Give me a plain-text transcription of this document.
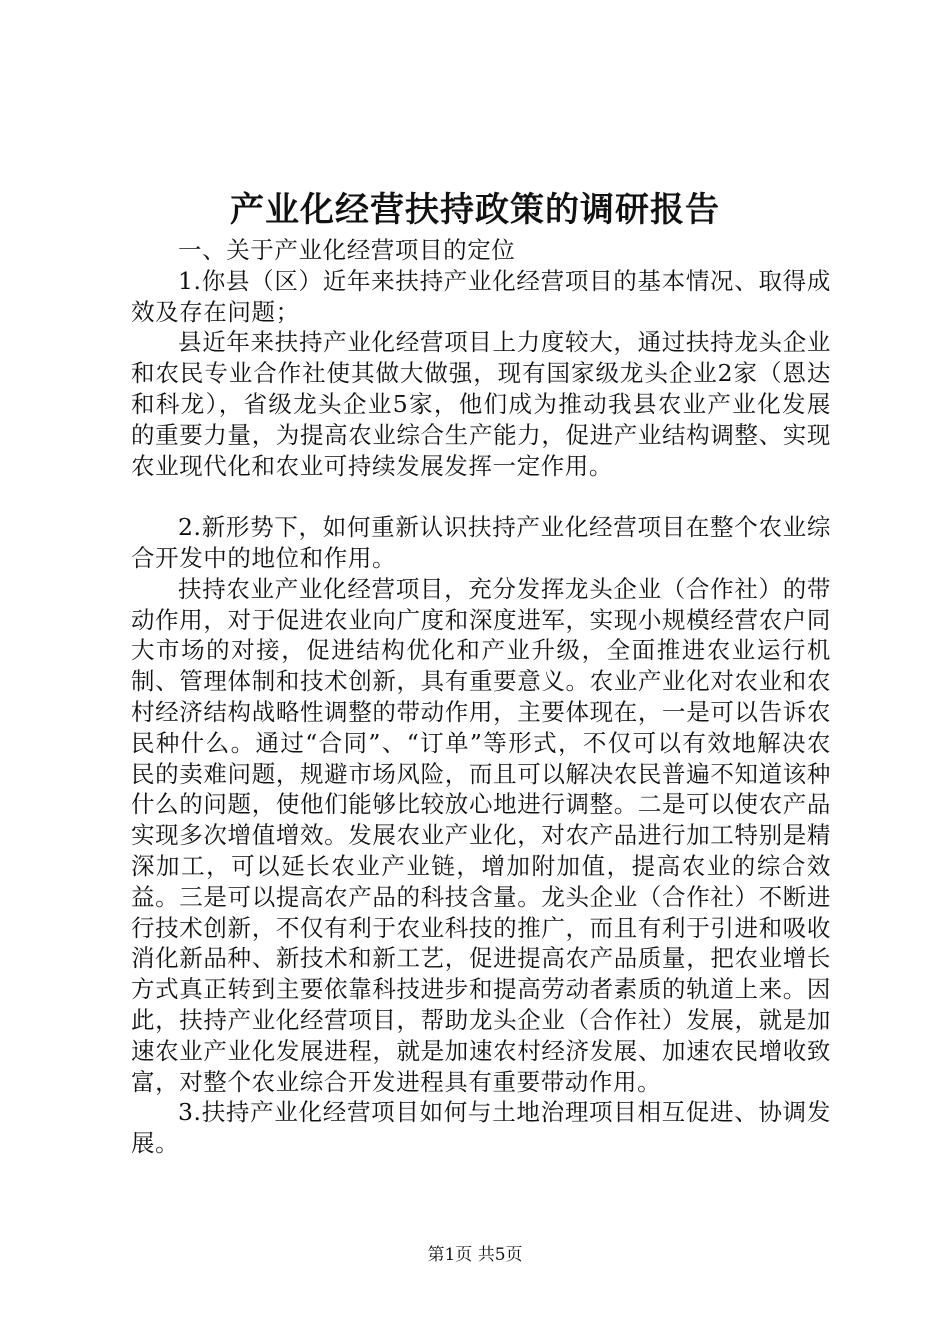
产业化经营扶持政策的调研报告

一、关于产业化经营项目的定位

1.你县（区）近年来扶持产业化经营项目的基本情况、取得成效及存在问题；

县近年来扶持产业化经营项目上力度较大，通过扶持龙头企业和农民专业合作社使其做大做强，现有国家级龙头企业2家（恩达和科龙），省级龙头企业5家，他们成为推动我县农业产业化发展的重要力量，为提高农业综合生产能力，促进产业结构调整、实现农业现代化和农业可持续发展发挥一定作用。

2.新形势下，如何重新认识扶持产业化经营项目在整个农业综合开发中的地位和作用。

扶持农业产业化经营项目，充分发挥龙头企业（合作社）的带动作用，对于促进农业向广度和深度进军，实现小规模经营农户同大市场的对接，促进结构优化和产业升级，全面推进农业运行机制、管理体制和技术创新，具有重要意义。农业产业化对农业和农村经济结构战略性调整的带动作用，主要体现在，一是可以告诉农民种什么。通过“合同”、“订单”等形式，不仅可以有效地解决农民的卖难问题，规避市场风险，而且可以解决农民普遍不知道该种什么的问题，使他们能够比较放心地进行调整。二是可以使农产品实现多次增值增效。发展农业产业化，对农产品进行加工特别是精深加工，可以延长农业产业链，增加附加值，提高农业的综合效益。三是可以提高农产品的科技含量。龙头企业（合作社）不断进行技术创新，不仅有利于农业科技的推广，而且有利于引进和吸收消化新品种、新技术和新工艺，促进提高农产品质量，把农业增长方式真正转到主要依靠科技进步和提高劳动者素质的轨道上来。因此，扶持产业化经营项目，帮助龙头企业（合作社）发展，就是加速农业产业化发展进程，就是加速农村经济发展、加速农民增收致富，对整个农业综合开发进程具有重要带动作用。

3.扶持产业化经营项目如何与土地治理项目相互促进、协调发展。

第1页 共5页
